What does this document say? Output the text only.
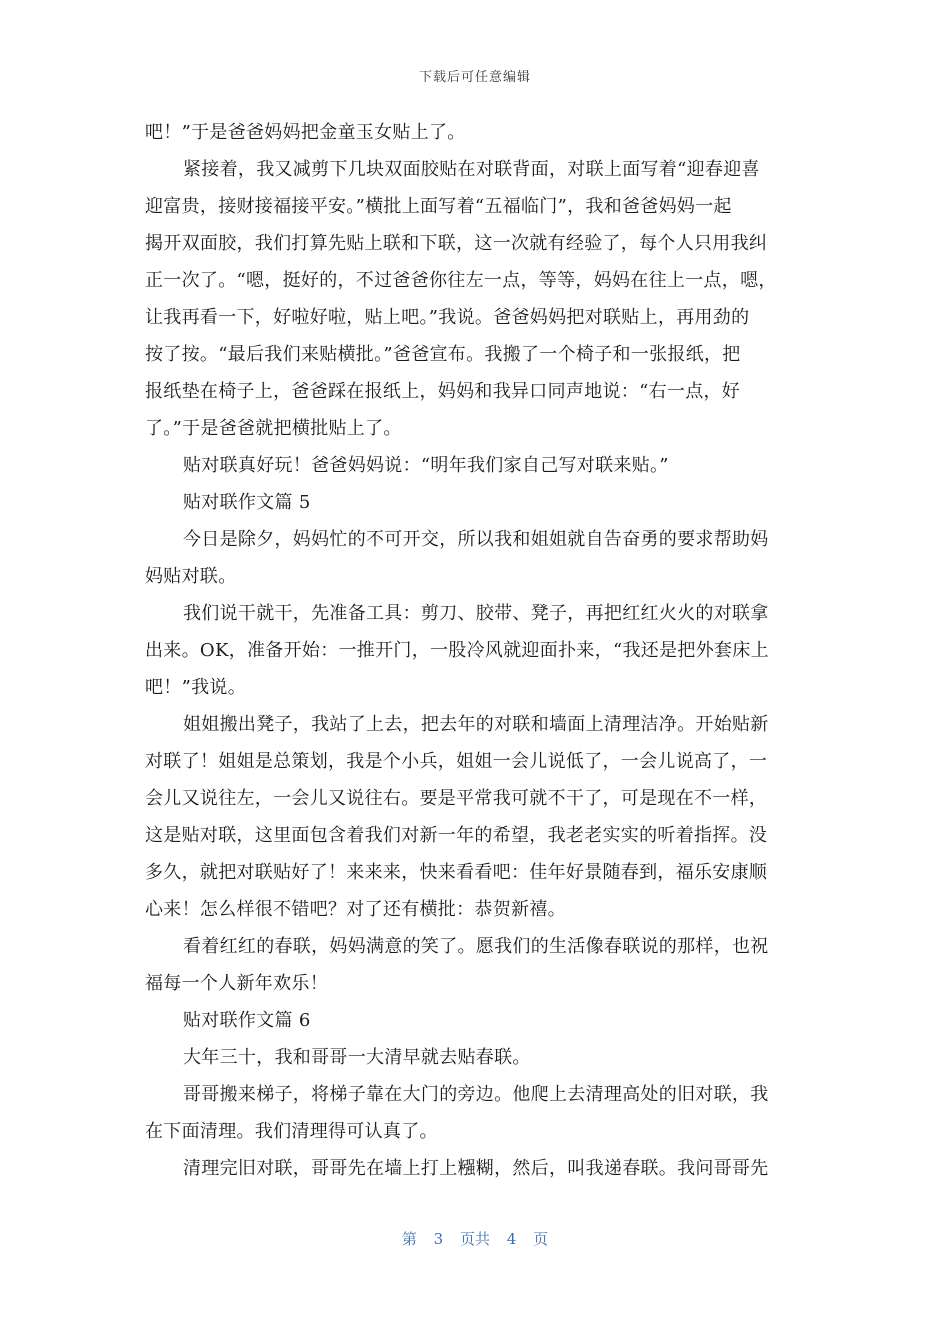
下载后可任意编辑
吧！”于是爸爸妈妈把金童玉女贴上了。
紧接着，我又减剪下几块双面胶贴在对联背面，对联上面写着“迎春迎喜
迎富贵，接财接福接平安。”横批上面写着“五福临门”，我和爸爸妈妈一起
揭开双面胶，我们打算先贴上联和下联，这一次就有经验了，每个人只用我纠
正一次了。“嗯，挺好的，不过爸爸你往左一点，等等，妈妈在往上一点，嗯，
让我再看一下，好啦好啦，贴上吧。”我说。爸爸妈妈把对联贴上，再用劲的
按了按。“最后我们来贴横批。”爸爸宣布。我搬了一个椅子和一张报纸，把
报纸垫在椅子上，爸爸踩在报纸上，妈妈和我异口同声地说：“右一点，好
了。”于是爸爸就把横批贴上了。
贴对联真好玩！爸爸妈妈说：“明年我们家自己写对联来贴。”
贴对联作文篇 5
今日是除夕，妈妈忙的不可开交，所以我和姐姐就自告奋勇的要求帮助妈
妈贴对联。
我们说干就干，先准备工具：剪刀、胶带、凳子，再把红红火火的对联拿
出来。OK，准备开始：一推开门，一股冷风就迎面扑来，“我还是把外套床上
吧！”我说。
姐姐搬出凳子，我站了上去，把去年的对联和墙面上清理洁净。开始贴新
对联了！姐姐是总策划，我是个小兵，姐姐一会儿说低了，一会儿说高了，一
会儿又说往左，一会儿又说往右。要是平常我可就不干了，可是现在不一样，
这是贴对联，这里面包含着我们对新一年的希望，我老老实实的听着指挥。没
多久，就把对联贴好了！来来来，快来看看吧：佳年好景随春到，福乐安康顺
心来！怎么样很不错吧？对了还有横批：恭贺新禧。
看着红红的春联，妈妈满意的笑了。愿我们的生活像春联说的那样，也祝
福每一个人新年欢乐！
贴对联作文篇 6
大年三十，我和哥哥一大清早就去贴春联。
哥哥搬来梯子，将梯子靠在大门的旁边。他爬上去清理高处的旧对联，我
在下面清理。我们清理得可认真了。
清理完旧对联，哥哥先在墙上打上糨糊，然后，叫我递春联。我问哥哥先
第 3 页共 4 页
